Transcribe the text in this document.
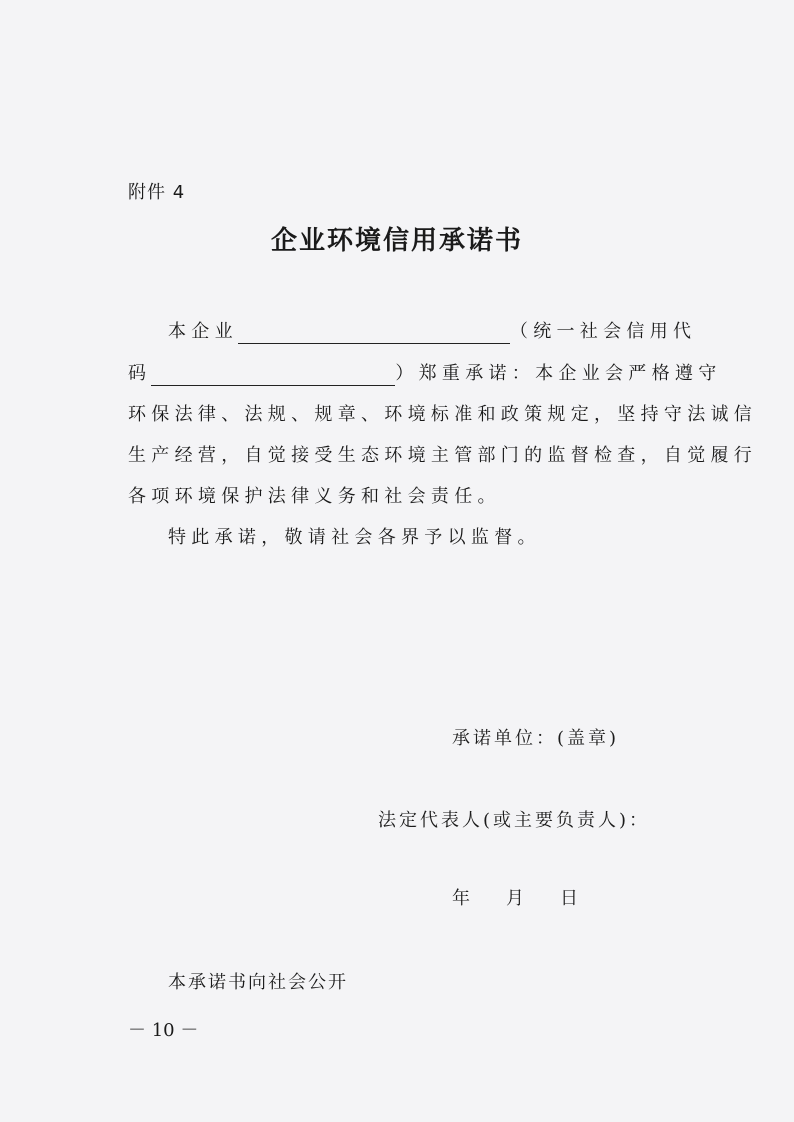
附件 4
企业环境信用承诺书
本企业	（统一社会信用代
码	）郑重承诺：本企业会严格遵守
环保法律、法规、规章、环境标准和政策规定，坚持守法诚信
生产经营，自觉接受生态环境主管部门的监督检查，自觉履行
各项环境保护法律义务和社会责任。
特此承诺，敬请社会各界予以监督。
承诺单位：(盖章)
法定代表人(或主要负责人)：
年 月 日
本承诺书向社会公开
－ 10 －
